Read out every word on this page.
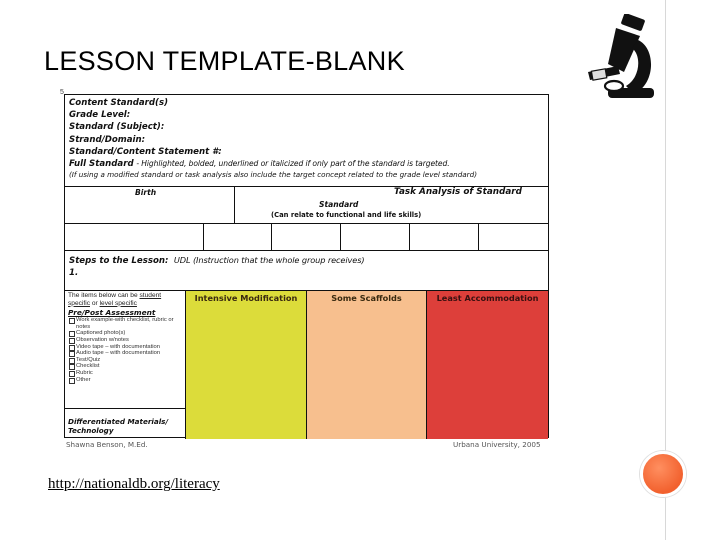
LESSON TEMPLATE-BLANK
5
Content Standard(s)
Grade Level:
Standard (Subject):
Strand/Domain:
Standard/Content Statement #:
Full Standard - Highlighted, bolded, underlined or italicized if only part of the standard is targeted.
(If using a modified standard or task analysis also include the target concept related to the grade level standard)
Birth	Task Analysis of Standard
Standard
(Can relate to functional and life skills)
Steps to the Lesson: UDL (Instruction that the whole group receives)
1.
The items below can be student specific or level specific
Pre/Post Assessment
Work example-with checklist, rubric or notes
Captioned photo(s)
Observation w/notes
Video tape – with documentation
Audio tape – with documentation
Test/Quiz
Checklist
Rubric
Other
Differentiated Materials/ Technology
Intensive Modification	Some Scaffolds	Least Accommodation
Shawna Benson, M.Ed.	Urbana University, 2005
http://nationaldb.org/literacy
